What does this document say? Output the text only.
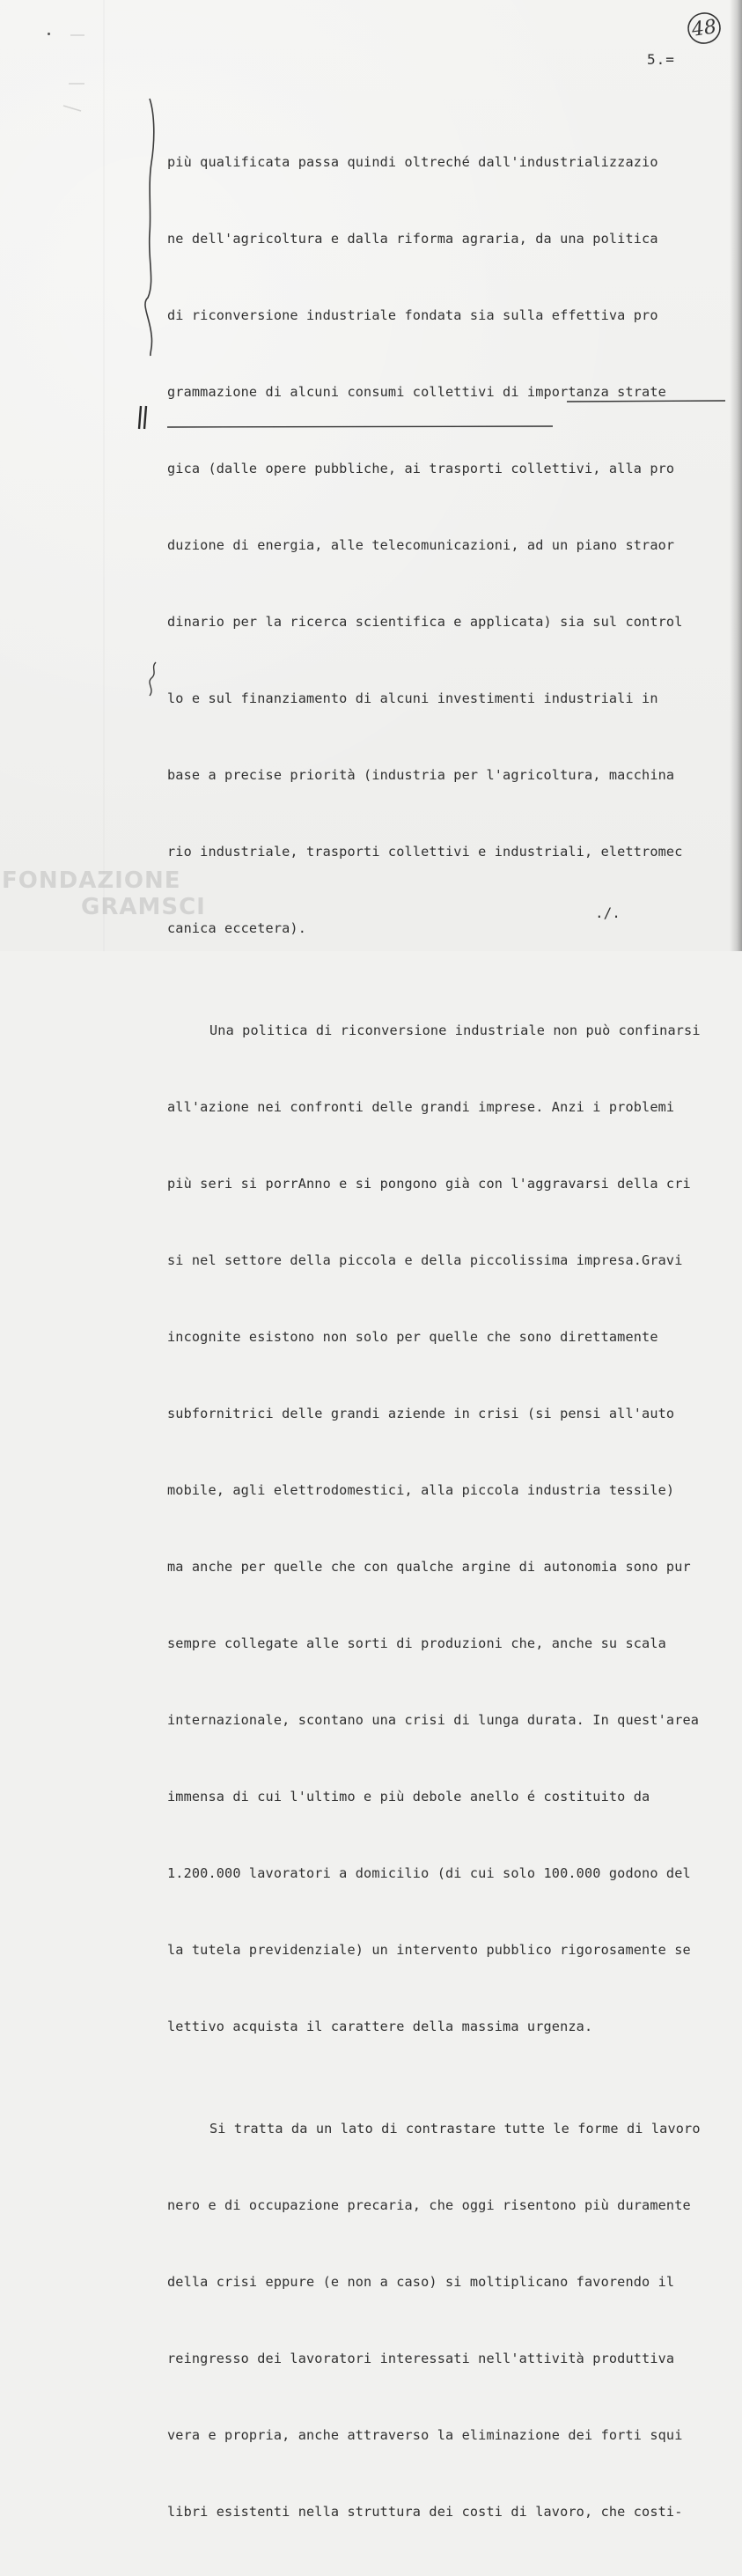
48
5.=

più qualificata passa quindi oltreché dall'industrializzazio

ne dell'agricoltura e dalla riforma agraria, da una politica

di riconversione industriale fondata sia sulla effettiva pro

grammazione di alcuni consumi collettivi di importanza strate

gica (dalle opere pubbliche, ai trasporti collettivi, alla pro

duzione di energia, alle telecomunicazioni, ad un piano straor

dinario per la ricerca scientifica e applicata) sia sul control

lo e sul finanziamento di alcuni investimenti industriali in

base a precise priorità (industria per l'agricoltura, macchina

rio industriale, trasporti collettivi e industriali, elettromec

canica eccetera).

Una politica di riconversione industriale non può confinarsi

all'azione nei confronti delle grandi imprese. Anzi i problemi

più seri si porrAnno e si pongono già con l'aggravarsi della cri

si nel settore della piccola e della piccolissima impresa.Gravi

incognite esistono non solo per quelle che sono direttamente

subfornitrici delle grandi aziende in crisi (si pensi all'auto

mobile, agli elettrodomestici, alla piccola industria tessile)

ma anche per quelle che con qualche argine di autonomia sono pur

sempre collegate alle sorti di produzioni che, anche su scala

internazionale, scontano una crisi di lunga durata. In quest'area

immensa di cui l'ultimo e più debole anello é costituito da

1.200.000 lavoratori a domicilio (di cui solo 100.000 godono del

la tutela previdenziale) un intervento pubblico rigorosamente se

lettivo acquista il carattere della massima urgenza.

Si tratta da un lato di contrastare tutte le forme di lavoro

nero e di occupazione precaria, che oggi risentono più duramente

della crisi eppure (e non a caso) si moltiplicano favorendo il

reingresso dei lavoratori interessati nell'attività produttiva

vera e propria, anche attraverso la eliminazione dei forti squi

libri esistenti nella struttura dei costi di lavoro, che costi-

FONDAZIONE
GRAMSCI	./.
